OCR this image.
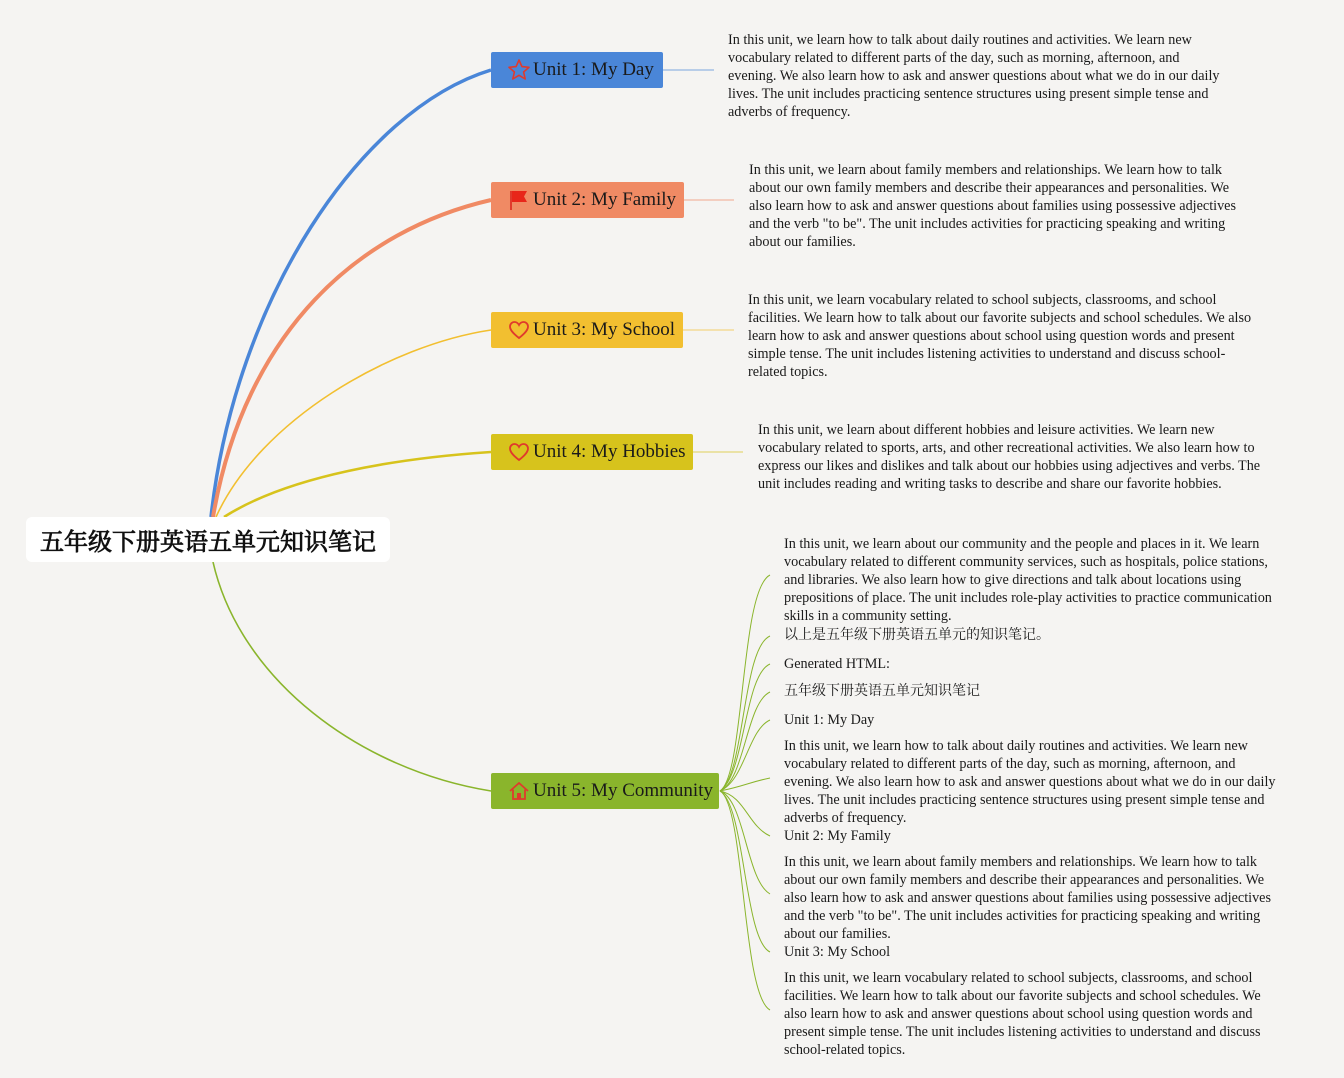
五年级下册英语五单元知识笔记
Unit 1: My Day
In this unit, we learn how to talk about daily routines and activities. We learn new vocabulary related to different parts of the day, such as morning, afternoon, and evening. We also learn how to ask and answer questions about what we do in our daily lives. The unit includes practicing sentence structures using present simple tense and adverbs of frequency.
Unit 2: My Family
In this unit, we learn about family members and relationships. We learn how to talk about our own family members and describe their appearances and personalities. We also learn how to ask and answer questions about families using possessive adjectives and the verb "to be". The unit includes activities for practicing speaking and writing about our families.
Unit 3: My School
In this unit, we learn vocabulary related to school subjects, classrooms, and school facilities. We learn how to talk about our favorite subjects and school schedules. We also learn how to ask and answer questions about school using question words and present simple tense. The unit includes listening activities to understand and discuss school-related topics.
Unit 4: My Hobbies
In this unit, we learn about different hobbies and leisure activities. We learn new vocabulary related to sports, arts, and other recreational activities. We also learn how to express our likes and dislikes and talk about our hobbies using adjectives and verbs. The unit includes reading and writing tasks to describe and share our favorite hobbies.
Unit 5: My Community
In this unit, we learn about our community and the people and places in it. We learn vocabulary related to different community services, such as hospitals, police stations, and libraries. We also learn how to give directions and talk about locations using prepositions of place. The unit includes role-play activities to practice communication skills in a community setting.
以上是五年级下册英语五单元的知识笔记。
Generated HTML:
五年级下册英语五单元知识笔记
Unit 1: My Day
In this unit, we learn how to talk about daily routines and activities. We learn new vocabulary related to different parts of the day, such as morning, afternoon, and evening. We also learn how to ask and answer questions about what we do in our daily lives. The unit includes practicing sentence structures using present simple tense and adverbs of frequency.
Unit 2: My Family
In this unit, we learn about family members and relationships. We learn how to talk about our own family members and describe their appearances and personalities. We also learn how to ask and answer questions about families using possessive adjectives and the verb "to be". The unit includes activities for practicing speaking and writing about our families.
Unit 3: My School
In this unit, we learn vocabulary related to school subjects, classrooms, and school facilities. We learn how to talk about our favorite subjects and school schedules. We also learn how to ask and answer questions about school using question words and present simple tense. The unit includes listening activities to understand and discuss school-related topics.
